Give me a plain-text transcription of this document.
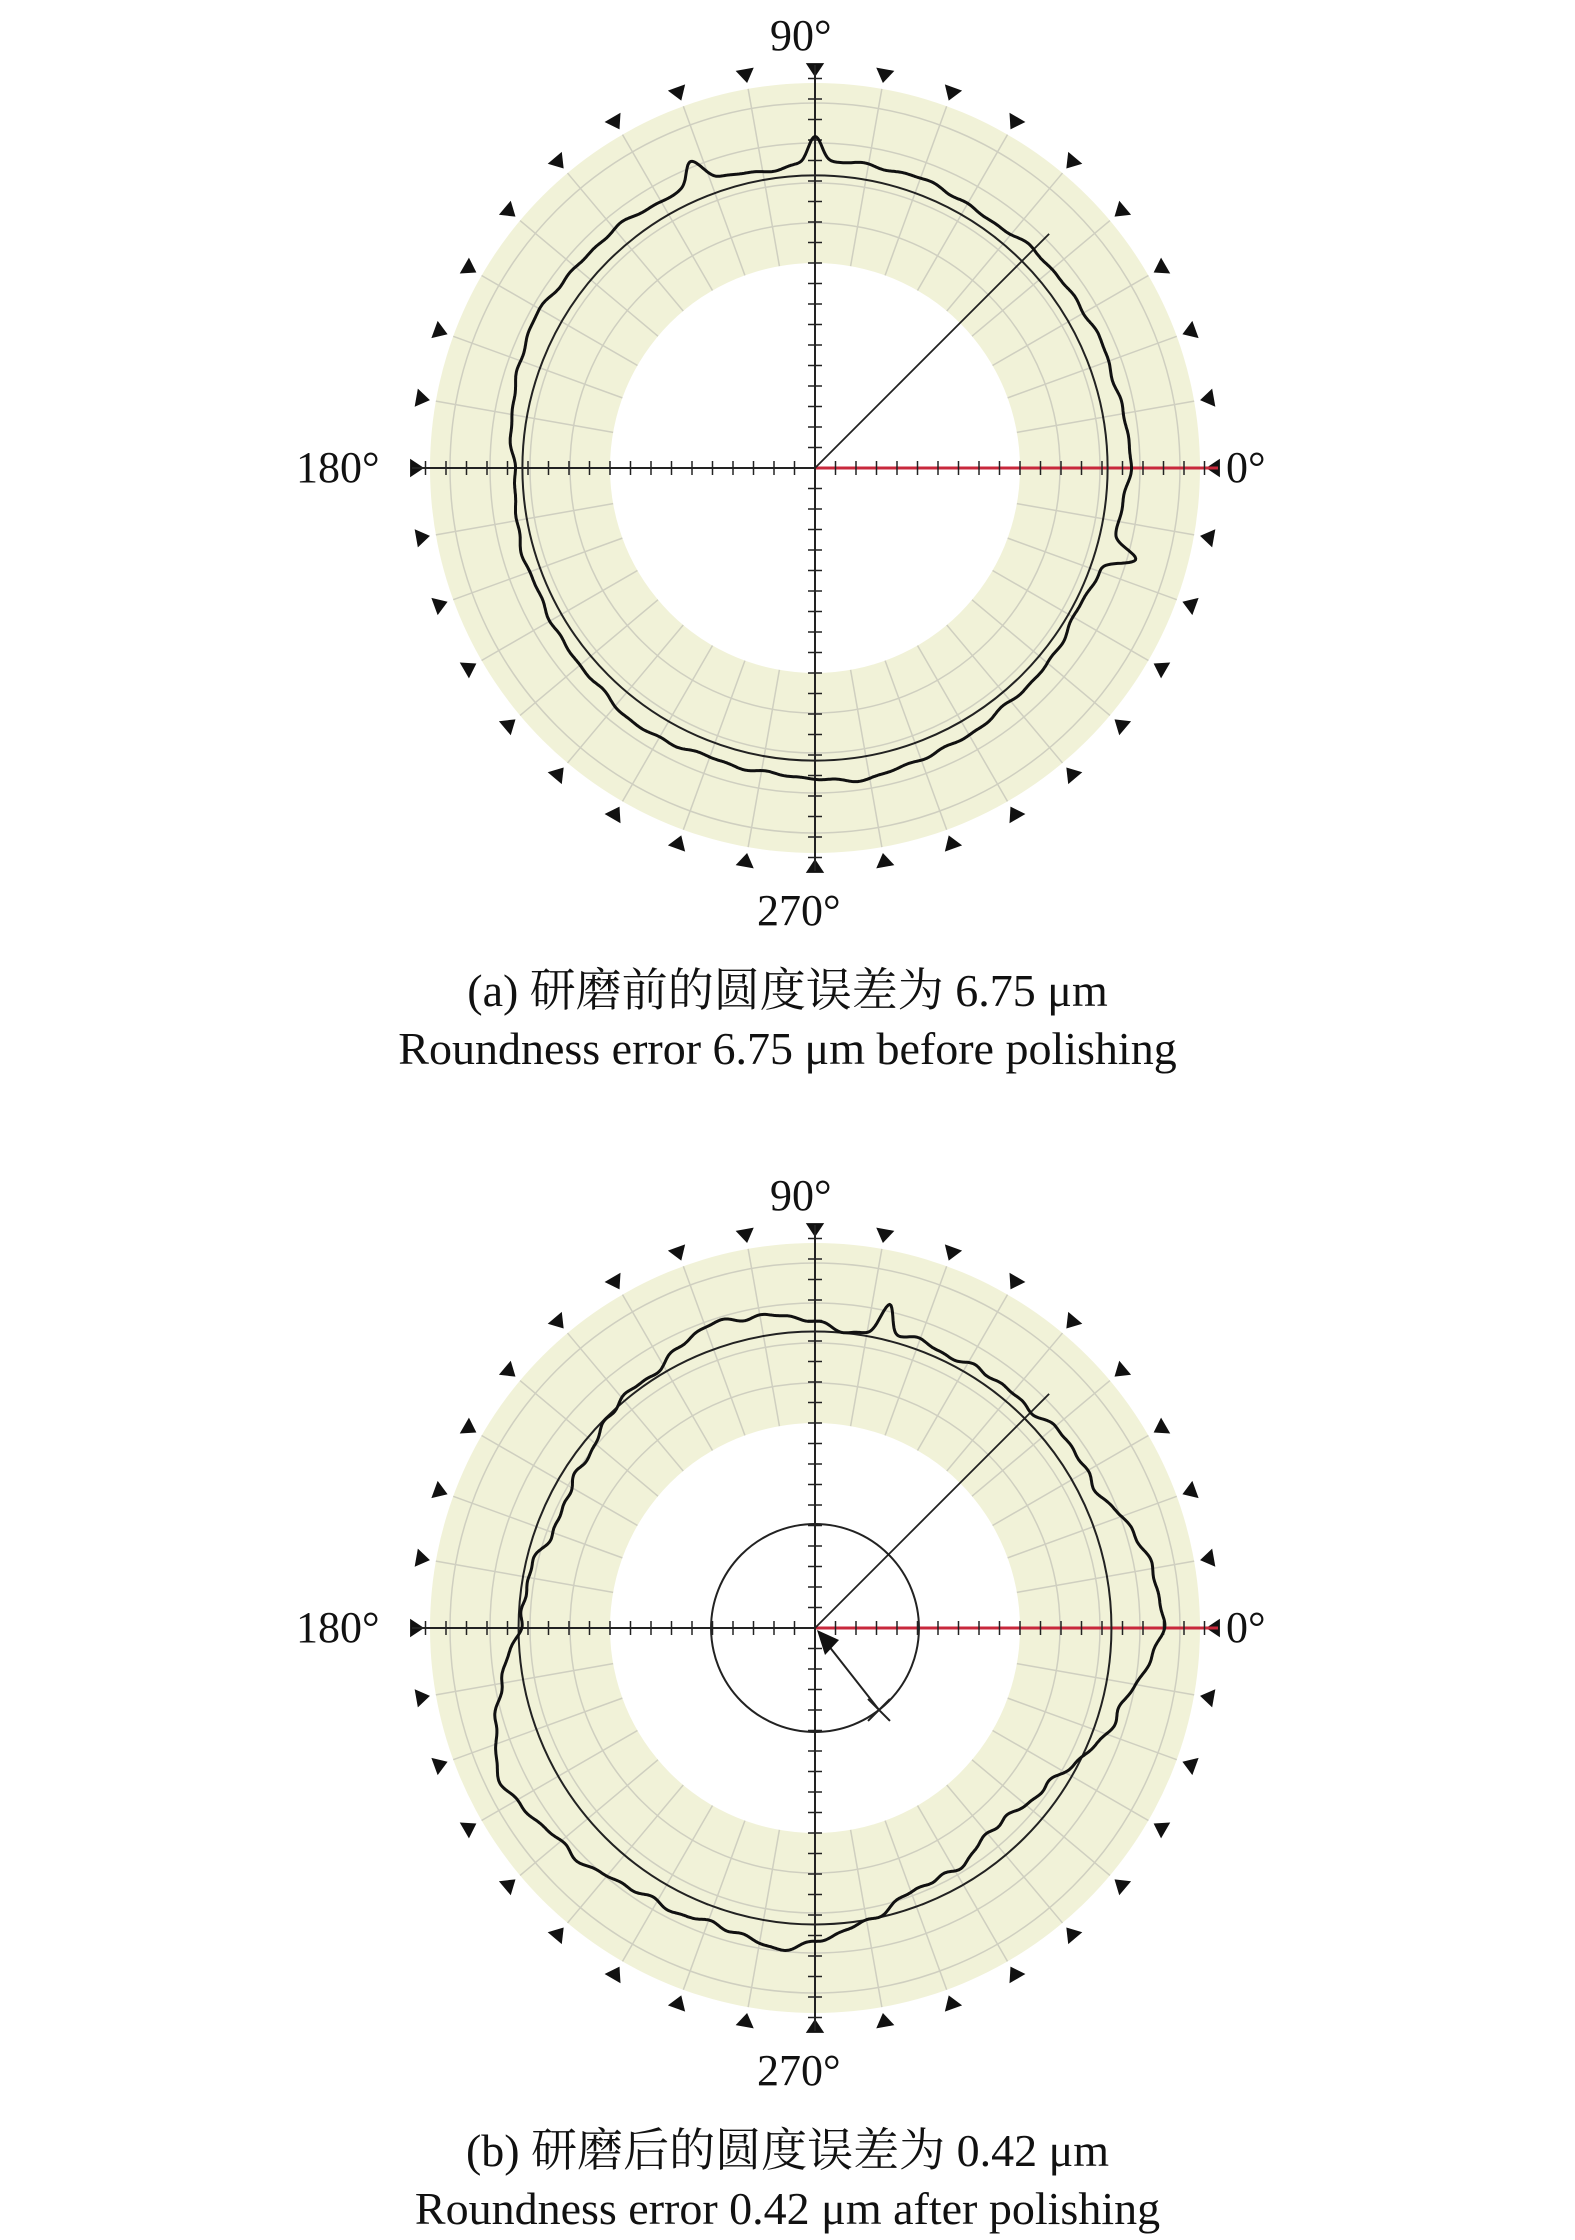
90°
0°
180°
270°
(a) 研磨前的圆度误差为 6.75 μm
Roundness error 6.75 μm before polishing
90°
0°
180°
270°
(b) 研磨后的圆度误差为 0.42 μm
Roundness error 0.42 μm after polishing
